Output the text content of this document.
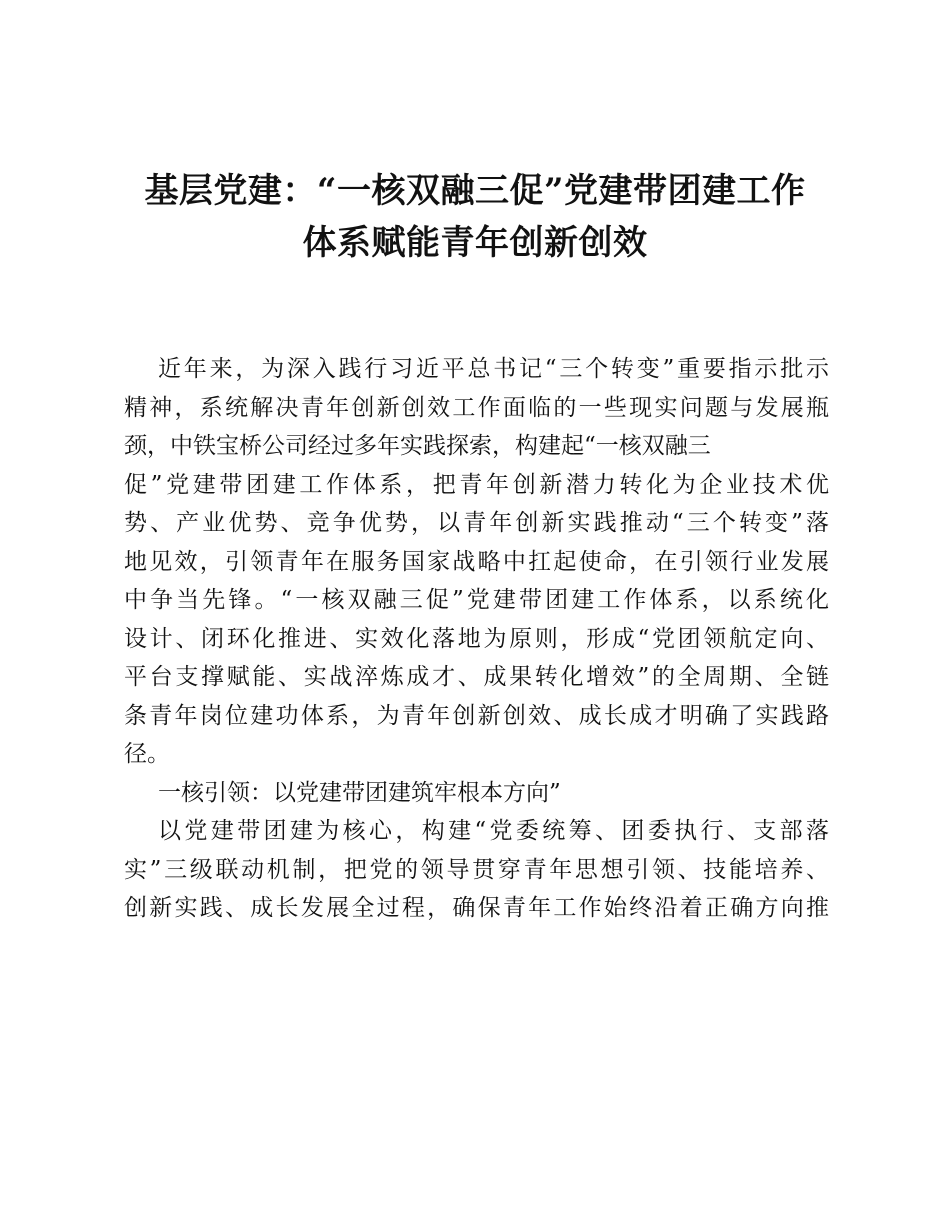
基层党建：“一核双融三促”党建带团建工作
体系赋能青年创新创效
近年来，为深入践行习近平总书记“三个转变”重要指示批示
精神，系统解决青年创新创效工作面临的一些现实问题与发展瓶
颈，中铁宝桥公司经过多年实践探索，构建起“一核双融三
促”党建带团建工作体系，把青年创新潜力转化为企业技术优
势、产业优势、竞争优势，以青年创新实践推动“三个转变”落
地见效，引领青年在服务国家战略中扛起使命，在引领行业发展
中争当先锋。“一核双融三促”党建带团建工作体系，以系统化
设计、闭环化推进、实效化落地为原则，形成“党团领航定向、
平台支撑赋能、实战淬炼成才、成果转化增效”的全周期、全链
条青年岗位建功体系，为青年创新创效、成长成才明确了实践路
径。
一核引领：以党建带团建筑牢根本方向”
以党建带团建为核心，构建“党委统筹、团委执行、支部落
实”三级联动机制，把党的领导贯穿青年思想引领、技能培养、
创新实践、成长发展全过程，确保青年工作始终沿着正确方向推
